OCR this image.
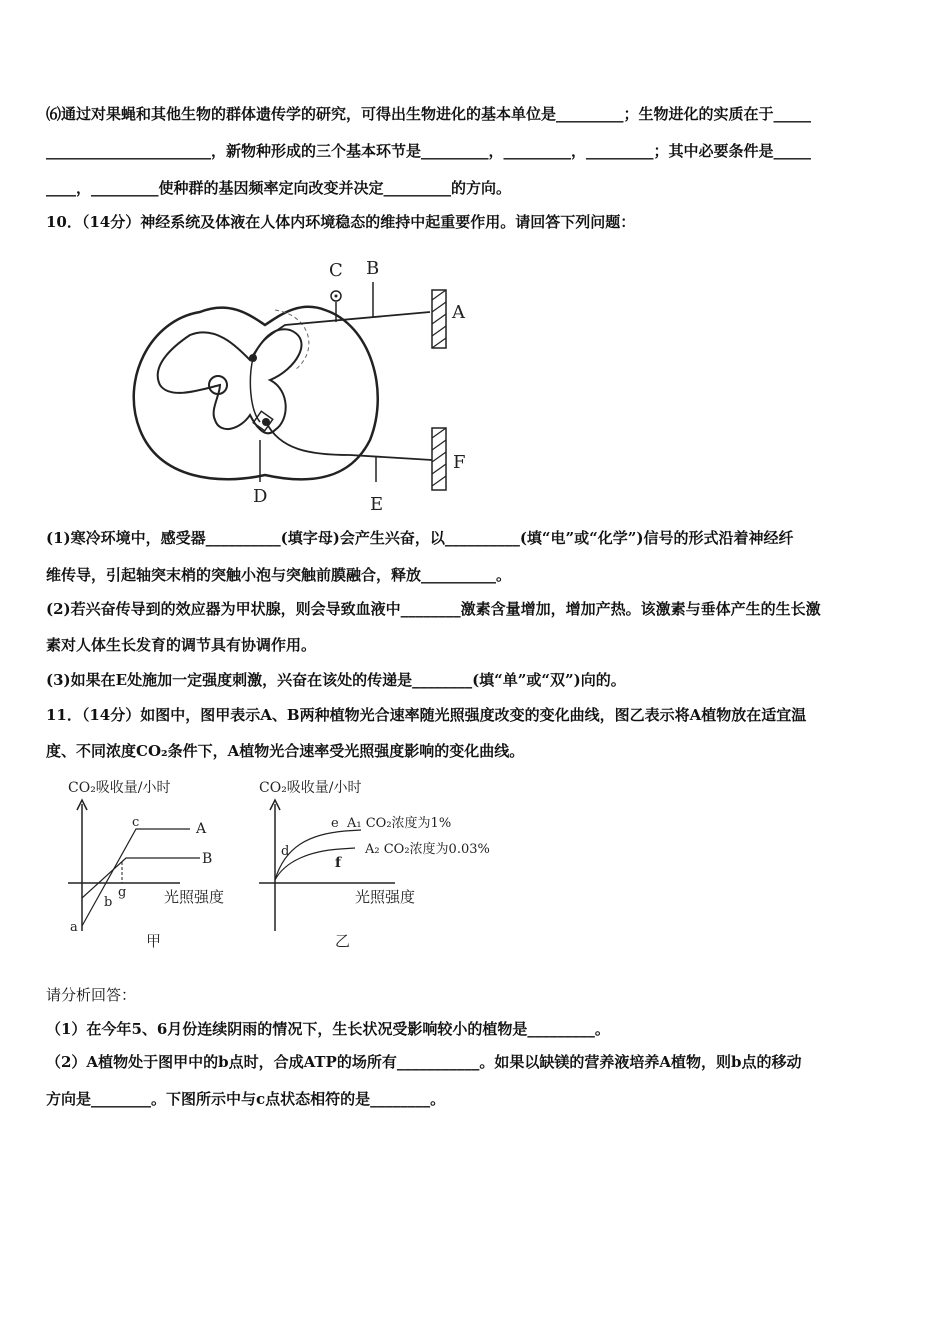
⑹通过对果蝇和其他生物的群体遗传学的研究，可得出生物进化的基本单位是_________；生物进化的实质在于_____
______________________，新物种形成的三个基本环节是_________，_________，_________；其中必要条件是_____
____，_________使种群的基因频率定向改变并决定_________的方向。
10．（14分）神经系统及体液在人体内环境稳态的维持中起重要作用。请回答下列问题：
C B
A
D	E
F
(1)寒冷环境中，感受器__________(填字母)会产生兴奋，以__________(填“电”或“化学”)信号的形式沿着神经纤
维传导，引起轴突末梢的突触小泡与突触前膜融合，释放__________。
(2)若兴奋传导到的效应器为甲状腺，则会导致血液中________激素含量增加，增加产热。该激素与垂体产生的生长激
素对人体生长发育的调节具有协调作用。
(3)如果在E处施加一定强度刺激，兴奋在该处的传递是________(填“单”或“双”)向的。
11．（14分）如图中，图甲表示A、B两种植物光合速率随光照强度改变的变化曲线，图乙表示将A植物放在适宜温
度、不同浓度CO₂条件下，A植物光合速率受光照强度影响的变化曲线。
CO₂吸收量/小时
A
B
c
g
b
a
光照强度
甲
CO₂吸收量/小时
d
e
f
A₁ CO₂浓度为1%
A₂ CO₂浓度为0.03%
光照强度
乙
请分析回答：
（1）在今年5、6月份连续阴雨的情况下，生长状况受影响较小的植物是_________。
（2）A植物处于图甲中的b点时，合成ATP的场所有___________。如果以缺镁的营养液培养A植物，则b点的移动
方向是________。下图所示中与c点状态相符的是________。
